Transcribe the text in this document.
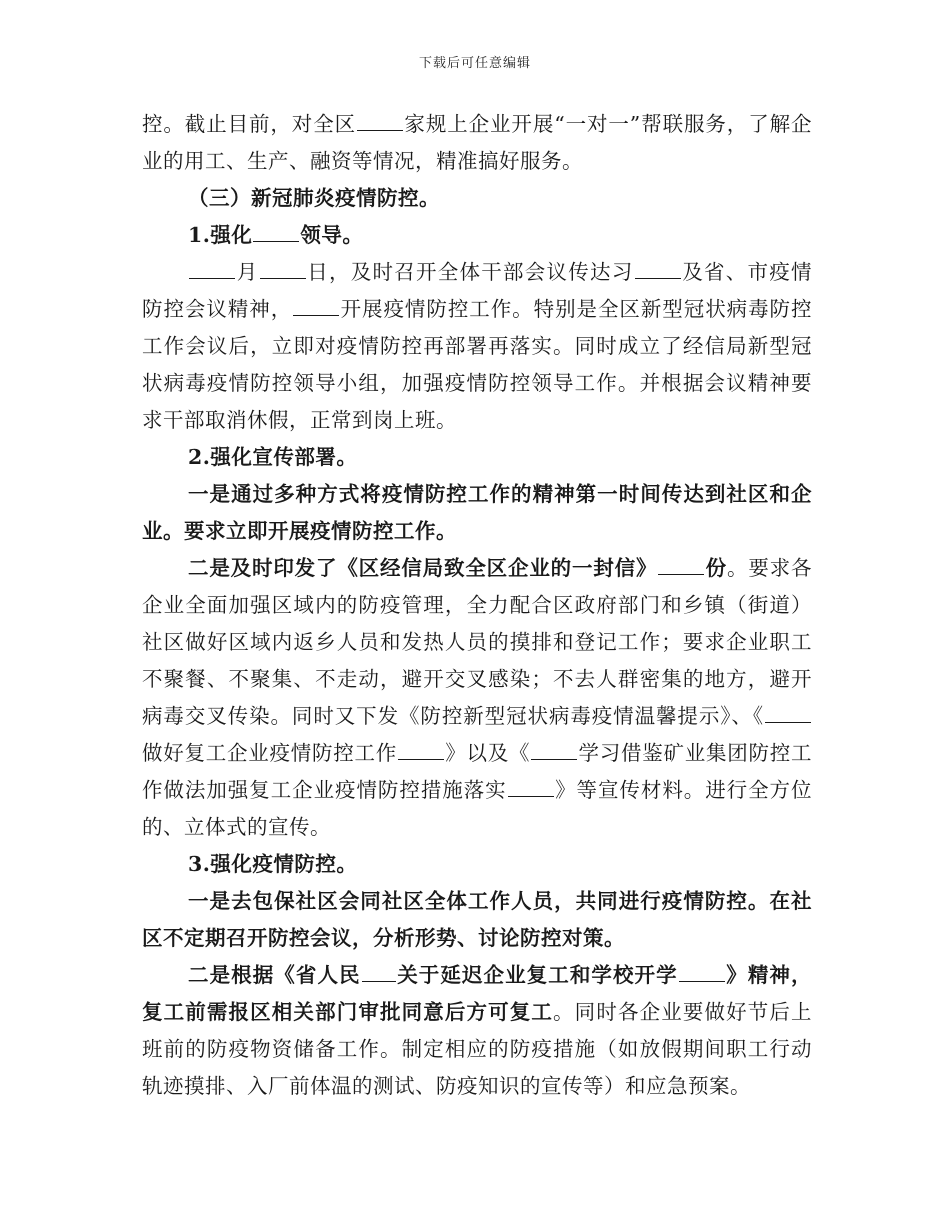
下载后可任意编辑

控。截止目前，对全区 家规上企业开展“一对一”帮联服务，了解企业的用工、生产、融资等情况，精准搞好服务。

（三）新冠肺炎疫情防控。

1.强化 领导。

月 日，及时召开全体干部会议传达习 及省、市疫情防控会议精神， 开展疫情防控工作。特别是全区新型冠状病毒防控工作会议后，立即对疫情防控再部署再落实。同时成立了经信局新型冠状病毒疫情防控领导小组，加强疫情防控领导工作。并根据会议精神要求干部取消休假，正常到岗上班。

2.强化宣传部署。

一是通过多种方式将疫情防控工作的精神第一时间传达到社区和企业。要求立即开展疫情防控工作。

二是及时印发了《区经信局致全区企业的一封信》 份。要求各企业全面加强区域内的防疫管理，全力配合区政府部门和乡镇（街道）社区做好区域内返乡人员和发热人员的摸排和登记工作；要求企业职工不聚餐、不聚集、不走动，避开交叉感染；不去人群密集的地方，避开病毒交叉传染。同时又下发《防控新型冠状病毒疫情温馨提示》、《做好复工企业疫情防控工作 》以及《 学习借鉴矿业集团防控工作做法加强复工企业疫情防控措施落实 》等宣传材料。进行全方位的、立体式的宣传。

3.强化疫情防控。

一是去包保社区会同社区全体工作人员，共同进行疫情防控。在社区不定期召开防控会议，分析形势、讨论防控对策。

二是根据《省人民 关于延迟企业复工和学校开学 》精神，复工前需报区相关部门审批同意后方可复工。同时各企业要做好节后上班前的防疫物资储备工作。制定相应的防疫措施（如放假期间职工行动轨迹摸排、入厂前体温的测试、防疫知识的宣传等）和应急预案。
